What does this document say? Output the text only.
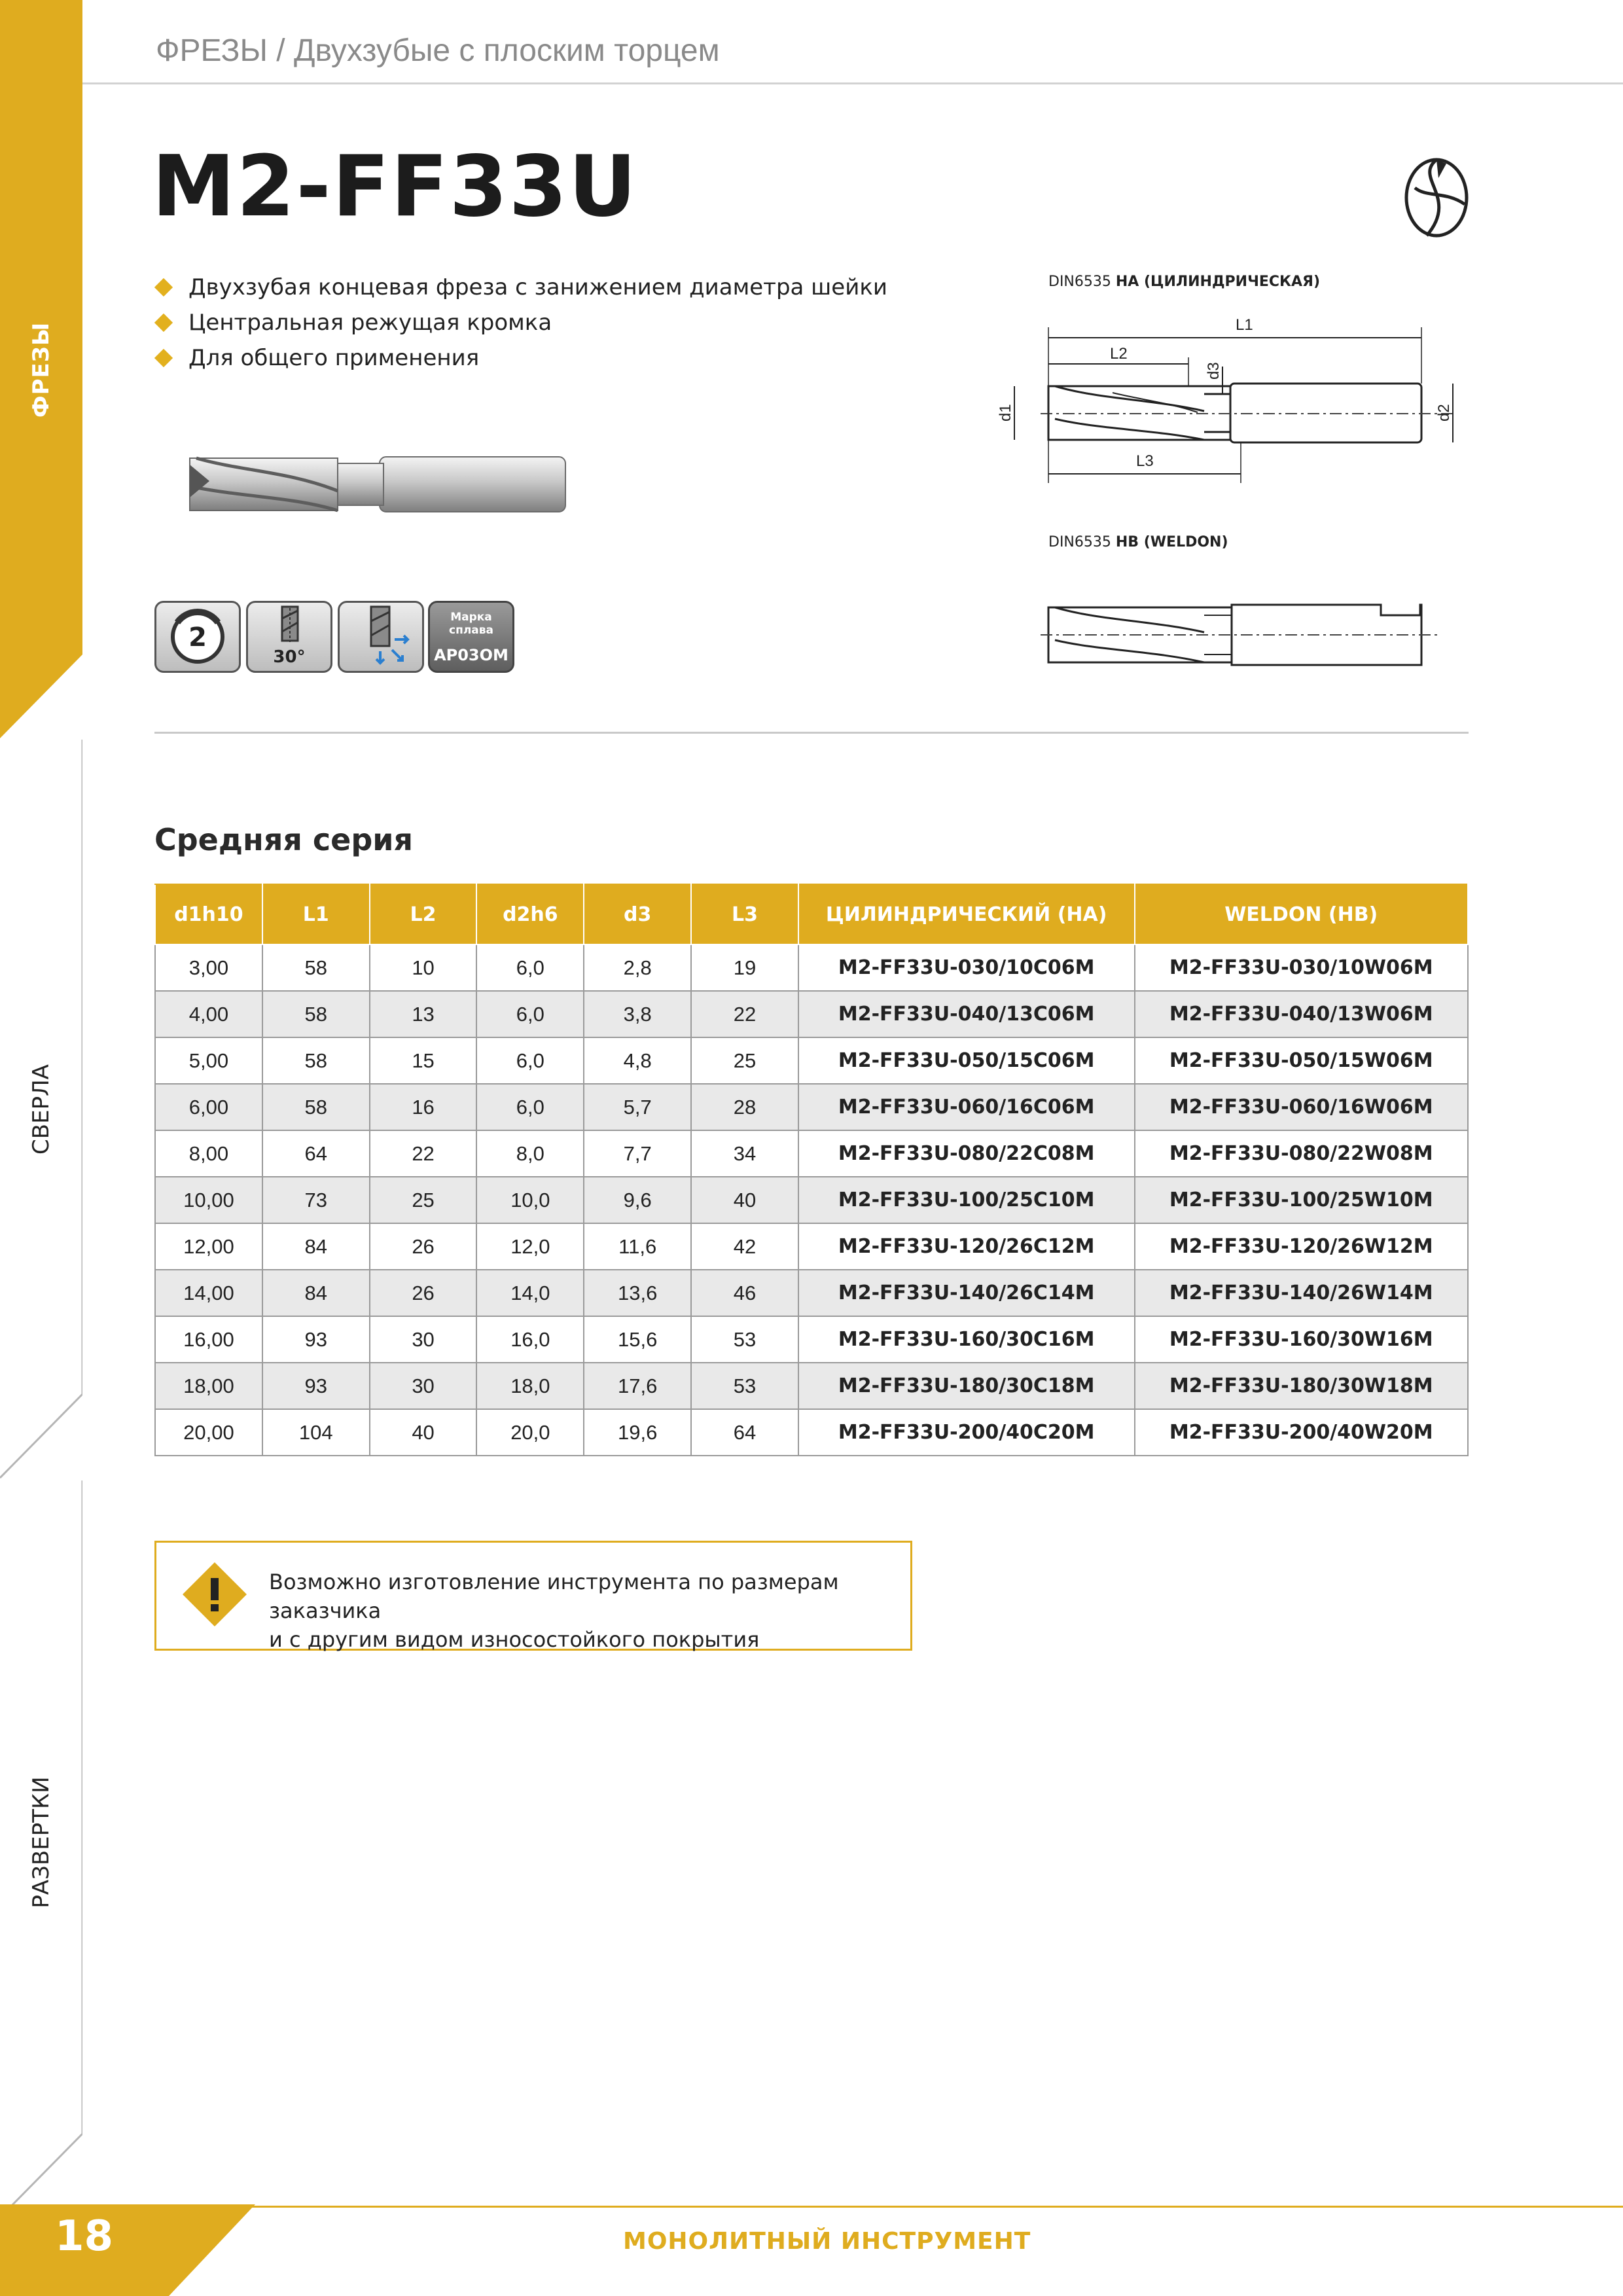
ФРЕЗЫ
СВЕРЛА
РАЗВЕРТКИ
ФРЕЗЫ / Двухзубые с плоским торцем
M2-FF33U
Двухзубая концевая фреза с занижением диаметра шейки
Центральная режущая кромка
Для общего применения
2
30°
Марка
сплава
AP03OM
DIN6535 HA (ЦИЛИНДРИЧЕСКАЯ)
L1
L2
L3
d1	d2
d3
DIN6535 HB (WELDON)
Средняя серия
d1h10	L1	L2	d2h6	d3	L3	ЦИЛИНДРИЧЕСКИЙ (HA)	WELDON (HB)
3,00	58	10	6,0	2,8	19	M2-FF33U-030/10C06M	M2-FF33U-030/10W06M
4,00	58	13	6,0	3,8	22	M2-FF33U-040/13C06M	M2-FF33U-040/13W06M
5,00	58	15	6,0	4,8	25	M2-FF33U-050/15C06M	M2-FF33U-050/15W06M
6,00	58	16	6,0	5,7	28	M2-FF33U-060/16C06M	M2-FF33U-060/16W06M
8,00	64	22	8,0	7,7	34	M2-FF33U-080/22C08M	M2-FF33U-080/22W08M
10,00	73	25	10,0	9,6	40	M2-FF33U-100/25C10M	M2-FF33U-100/25W10M
12,00	84	26	12,0	11,6	42	M2-FF33U-120/26C12M	M2-FF33U-120/26W12M
14,00	84	26	14,0	13,6	46	M2-FF33U-140/26C14M	M2-FF33U-140/26W14M
16,00	93	30	16,0	15,6	53	M2-FF33U-160/30C16M	M2-FF33U-160/30W16M
18,00	93	30	18,0	17,6	53	M2-FF33U-180/30C18M	M2-FF33U-180/30W18M
20,00	104	40	20,0	19,6	64	M2-FF33U-200/40C20M	M2-FF33U-200/40W20M
Возможно изготовление инструмента по размерам заказчика
и с другим видом износостойкого покрытия
18	МОНОЛИТНЫЙ ИНСТРУМЕНТ
